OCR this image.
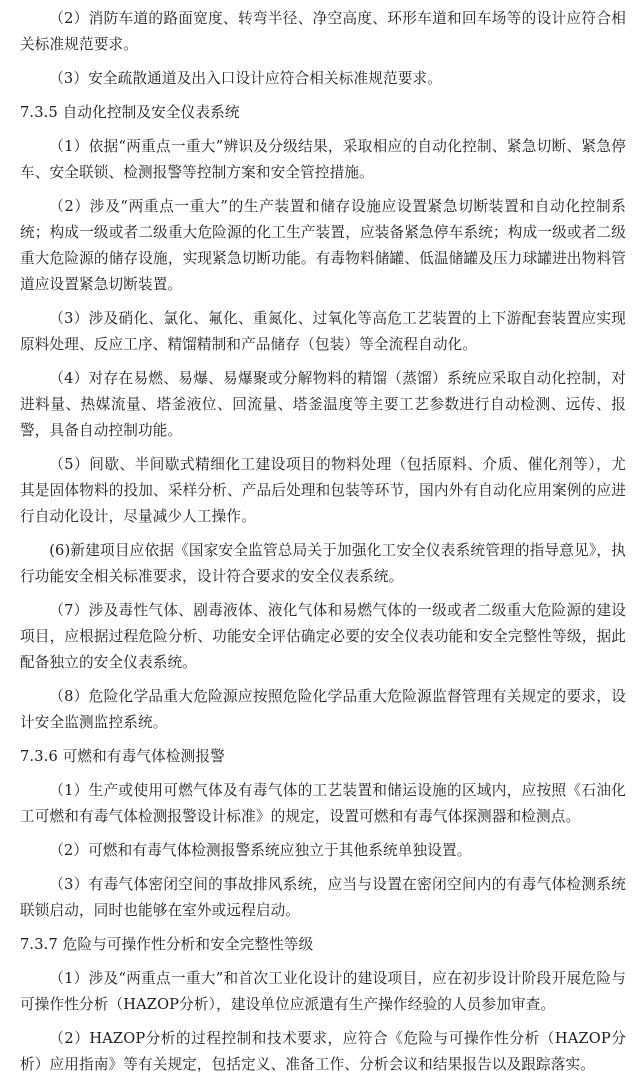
（2）消防车道的路面宽度、转弯半径、净空高度、环形车道和回车场等的设计应符合相关标准规范要求。

（3）安全疏散通道及出入口设计应符合相关标准规范要求。

7.3.5 自动化控制及安全仪表系统

（1）依据“两重点一重大”辨识及分级结果，采取相应的自动化控制、紧急切断、紧急停车、安全联锁、检测报警等控制方案和安全管控措施。

（2）涉及“两重点一重大”的生产装置和储存设施应设置紧急切断装置和自动化控制系统；构成一级或者二级重大危险源的化工生产装置，应装备紧急停车系统；构成一级或者二级重大危险源的储存设施，实现紧急切断功能。有毒物料储罐、低温储罐及压力球罐进出物料管道应设置紧急切断装置。

（3）涉及硝化、氯化、氟化、重氮化、过氧化等高危工艺装置的上下游配套装置应实现原料处理、反应工序、精馏精制和产品储存（包装）等全流程自动化。

（4）对存在易燃、易爆、易爆聚或分解物料的精馏（蒸馏）系统应采取自动化控制，对进料量、热媒流量、塔釜液位、回流量、塔釜温度等主要工艺参数进行自动检测、远传、报警，具备自动控制功能。

（5）间歇、半间歇式精细化工建设项目的物料处理（包括原料、介质、催化剂等），尤其是固体物料的投加、采样分析、产品后处理和包装等环节，国内外有自动化应用案例的应进行自动化设计，尽量减少人工操作。

(6)新建项目应依据《国家安全监管总局关于加强化工安全仪表系统管理的指导意见》，执行功能安全相关标准要求，设计符合要求的安全仪表系统。

（7）涉及毒性气体、剧毒液体、液化气体和易燃气体的一级或者二级重大危险源的建设项目，应根据过程危险分析、功能安全评估确定必要的安全仪表功能和安全完整性等级，据此配备独立的安全仪表系统。

（8）危险化学品重大危险源应按照危险化学品重大危险源监督管理有关规定的要求，设计安全监测监控系统。

7.3.6 可燃和有毒气体检测报警

（1）生产或使用可燃气体及有毒气体的工艺装置和储运设施的区域内，应按照《石油化工可燃和有毒气体检测报警设计标准》的规定，设置可燃和有毒气体探测器和检测点。

（2）可燃和有毒气体检测报警系统应独立于其他系统单独设置。

（3）有毒气体密闭空间的事故排风系统，应当与设置在密闭空间内的有毒气体检测系统联锁启动，同时也能够在室外或远程启动。

7.3.7 危险与可操作性分析和安全完整性等级

（1）涉及“两重点一重大”和首次工业化设计的建设项目，应在初步设计阶段开展危险与可操作性分析（HAZOP分析），建设单位应派遣有生产操作经验的人员参加审查。

（2）HAZOP分析的过程控制和技术要求，应符合《危险与可操作性分析（HAZOP分析）应用指南》等有关规定，包括定义、准备工作、分析会议和结果报告以及跟踪落实。
